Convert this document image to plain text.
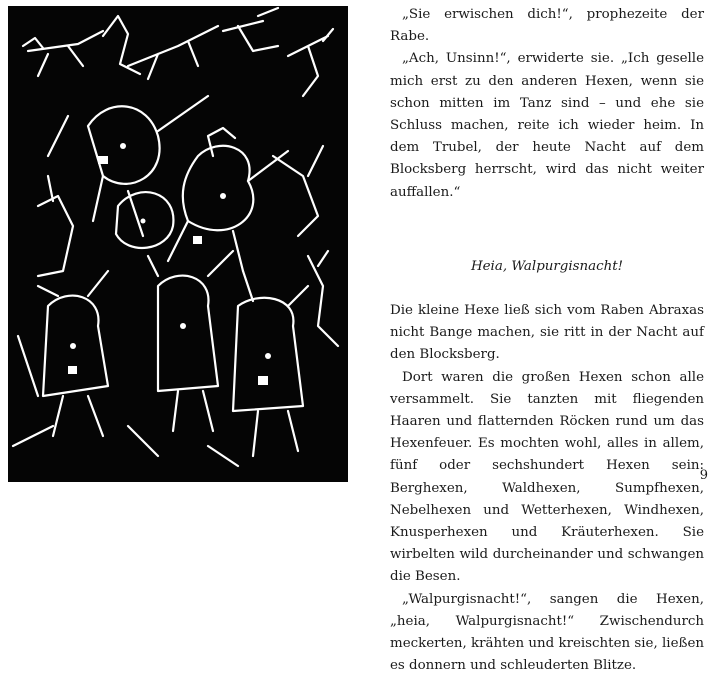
„Sie erwischen dich!“, prophezeite der Rabe.

„Ach, Unsinn!“, erwiderte sie. „Ich geselle mich erst zu den anderen Hexen, wenn sie schon mitten im Tanz sind – und ehe sie Schluss machen, reite ich wieder heim. In dem Trubel, der heute Nacht auf dem Blocksberg herrscht, wird das nicht weiter auffallen.“

Heia, Walpurgisnacht!

Die kleine Hexe ließ sich vom Raben Abraxas nicht Bange machen, sie ritt in der Nacht auf den Blocksberg.

Dort waren die großen Hexen schon alle versammelt. Sie tanzten mit fliegenden Haaren und flatternden Röcken rund um das Hexenfeuer. Es mochten wohl, alles in allem, fünf oder sechshundert Hexen sein: Berghexen, Waldhexen, Sumpfhexen, Nebelhexen und Wetterhexen, Windhexen, Knusperhexen und Kräuterhexen. Sie wirbelten wild durcheinander und schwangen die Besen.

„Walpurgisnacht!“, sangen die Hexen, „heia, Walpurgisnacht!“ Zwischendurch meckerten, krähten und kreischten sie, ließen es donnern und schleuderten Blitze.

9
